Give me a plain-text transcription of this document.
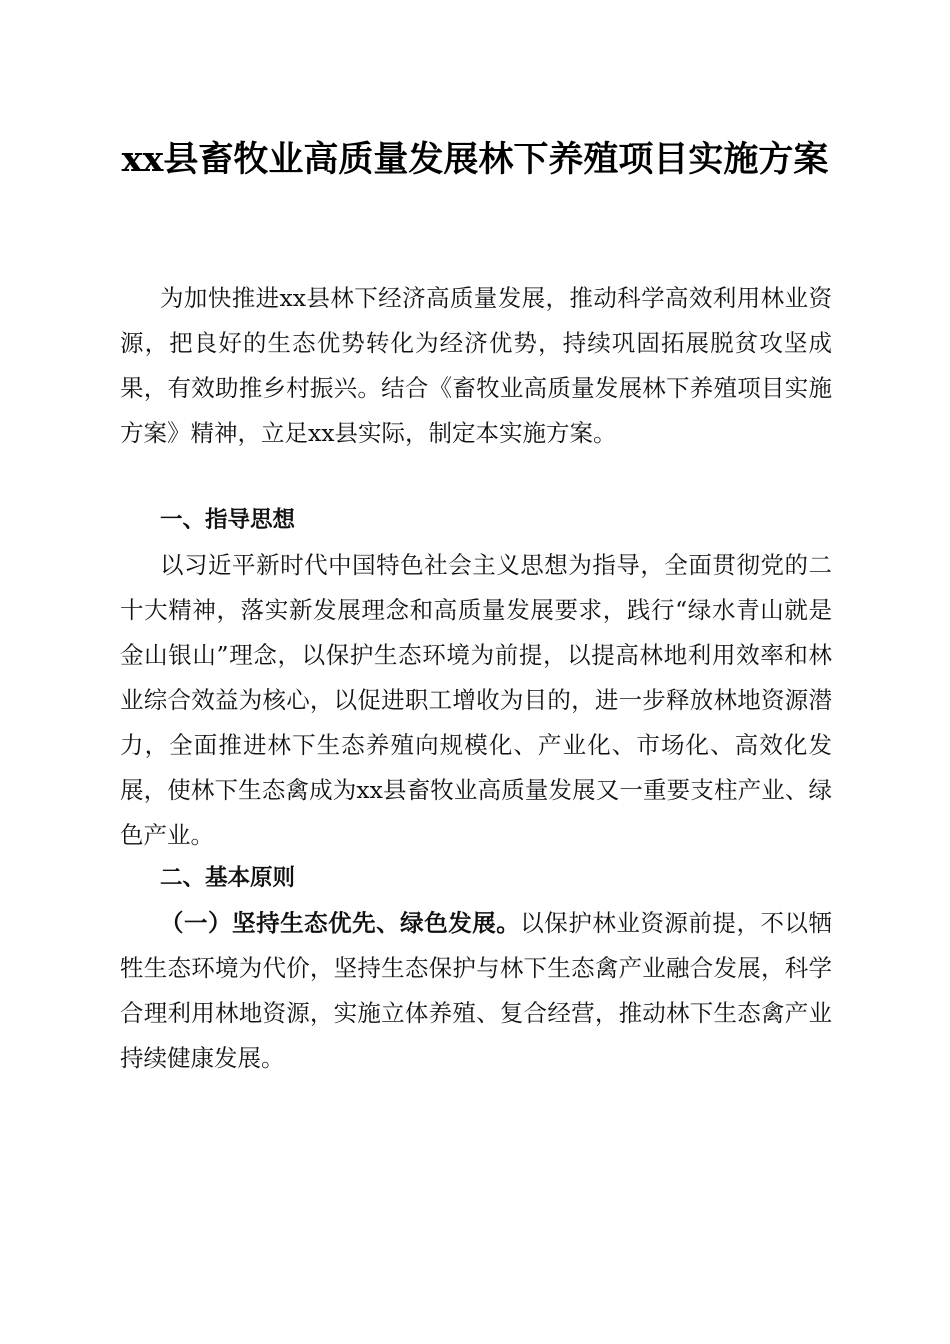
xx县畜牧业高质量发展林下养殖项目实施方案

为加快推进xx县林下经济高质量发展，推动科学高效利用林业资源，把良好的生态优势转化为经济优势，持续巩固拓展脱贫攻坚成果，有效助推乡村振兴。结合《畜牧业高质量发展林下养殖项目实施方案》精神，立足xx县实际，制定本实施方案。

一、指导思想

以习近平新时代中国特色社会主义思想为指导，全面贯彻党的二十大精神，落实新发展理念和高质量发展要求，践行“绿水青山就是金山银山”理念，以保护生态环境为前提，以提高林地利用效率和林业综合效益为核心，以促进职工增收为目的，进一步释放林地资源潜力，全面推进林下生态养殖向规模化、产业化、市场化、高效化发展，使林下生态禽成为xx县畜牧业高质量发展又一重要支柱产业、绿色产业。

二、基本原则

（一）坚持生态优先、绿色发展。以保护林业资源前提，不以牺牲生态环境为代价，坚持生态保护与林下生态禽产业融合发展，科学合理利用林地资源，实施立体养殖、复合经营，推动林下生态禽产业持续健康发展。
